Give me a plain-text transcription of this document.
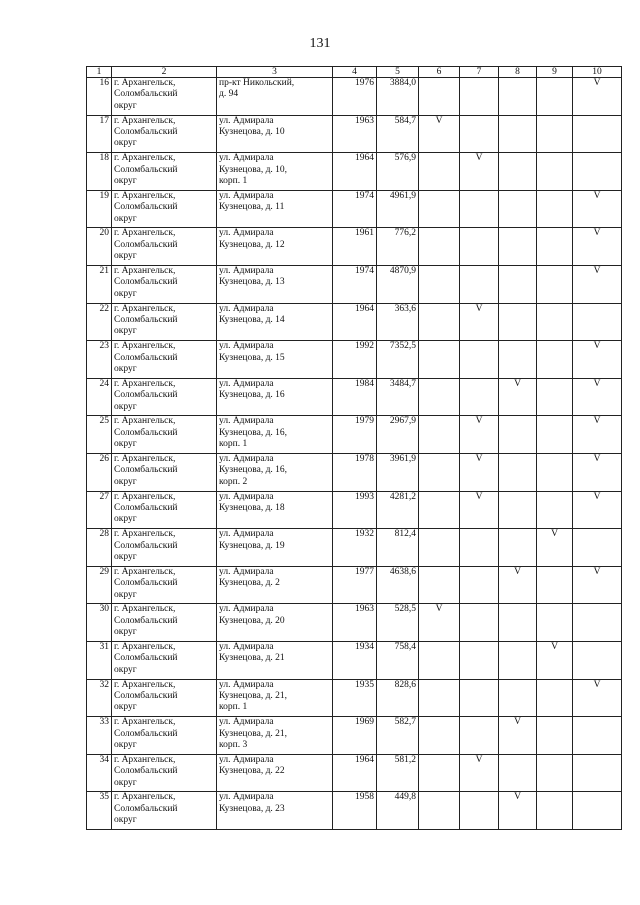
131
1	2	3	4	5	6	7	8	9	10
16	г. Архангельск,
Соломбальский
округ	пр-кт Никольский,
д. 94	1976	3884,0					V
17	г. Архангельск,
Соломбальский
округ	ул. Адмирала
Кузнецова, д. 10	1963	584,7	V				
18	г. Архангельск,
Соломбальский
округ	ул. Адмирала
Кузнецова, д. 10,
корп. 1	1964	576,9		V			
19	г. Архангельск,
Соломбальский
округ	ул. Адмирала
Кузнецова, д. 11	1974	4961,9					V
20	г. Архангельск,
Соломбальский
округ	ул. Адмирала
Кузнецова, д. 12	1961	776,2					V
21	г. Архангельск,
Соломбальский
округ	ул. Адмирала
Кузнецова, д. 13	1974	4870,9					V
22	г. Архангельск,
Соломбальский
округ	ул. Адмирала
Кузнецова, д. 14	1964	363,6		V			
23	г. Архангельск,
Соломбальский
округ	ул. Адмирала
Кузнецова, д. 15	1992	7352,5					V
24	г. Архангельск,
Соломбальский
округ	ул. Адмирала
Кузнецова, д. 16	1984	3484,7			V		V
25	г. Архангельск,
Соломбальский
округ	ул. Адмирала
Кузнецова, д. 16,
корп. 1	1979	2967,9		V			V
26	г. Архангельск,
Соломбальский
округ	ул. Адмирала
Кузнецова, д. 16,
корп. 2	1978	3961,9		V			V
27	г. Архангельск,
Соломбальский
округ	ул. Адмирала
Кузнецова, д. 18	1993	4281,2		V			V
28	г. Архангельск,
Соломбальский
округ	ул. Адмирала
Кузнецова, д. 19	1932	812,4				V	
29	г. Архангельск,
Соломбальский
округ	ул. Адмирала
Кузнецова, д. 2	1977	4638,6			V		V
30	г. Архангельск,
Соломбальский
округ	ул. Адмирала
Кузнецова, д. 20	1963	528,5	V				
31	г. Архангельск,
Соломбальский
округ	ул. Адмирала
Кузнецова, д. 21	1934	758,4				V	
32	г. Архангельск,
Соломбальский
округ	ул. Адмирала
Кузнецова, д. 21,
корп. 1	1935	828,6					V
33	г. Архангельск,
Соломбальский
округ	ул. Адмирала
Кузнецова, д. 21,
корп. 3	1969	582,7			V		
34	г. Архангельск,
Соломбальский
округ	ул. Адмирала
Кузнецова, д. 22	1964	581,2		V			
35	г. Архангельск,
Соломбальский
округ	ул. Адмирала
Кузнецова, д. 23	1958	449,8			V		
